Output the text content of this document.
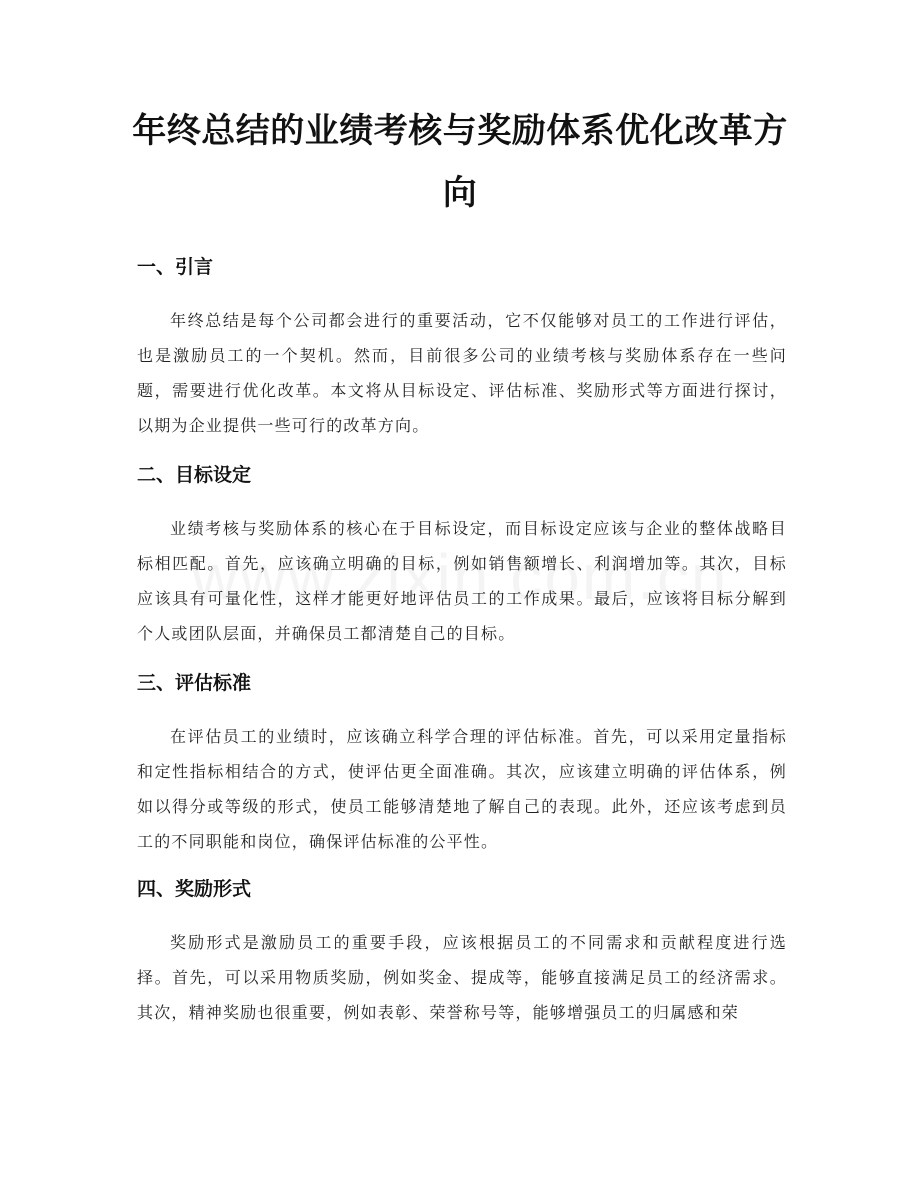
年终总结的业绩考核与奖励体系优化改革方向
一、引言

年终总结是每个公司都会进行的重要活动，它不仅能够对员工的工作进行评估，也是激励员工的一个契机。然而，目前很多公司的业绩考核与奖励体系存在一些问题，需要进行优化改革。本文将从目标设定、评估标准、奖励形式等方面进行探讨，以期为企业提供一些可行的改革方向。

二、目标设定

业绩考核与奖励体系的核心在于目标设定，而目标设定应该与企业的整体战略目标相匹配。首先，应该确立明确的目标，例如销售额增长、利润增加等。其次，目标应该具有可量化性，这样才能更好地评估员工的工作成果。最后，应该将目标分解到个人或团队层面，并确保员工都清楚自己的目标。

三、评估标准

在评估员工的业绩时，应该确立科学合理的评估标准。首先，可以采用定量指标和定性指标相结合的方式，使评估更全面准确。其次，应该建立明确的评估体系，例如以得分或等级的形式，使员工能够清楚地了解自己的表现。此外，还应该考虑到员工的不同职能和岗位，确保评估标准的公平性。

四、奖励形式

奖励形式是激励员工的重要手段，应该根据员工的不同需求和贡献程度进行选择。首先，可以采用物质奖励，例如奖金、提成等，能够直接满足员工的经济需求。其次，精神奖励也很重要，例如表彰、荣誉称号等，能够增强员工的归属感和荣
